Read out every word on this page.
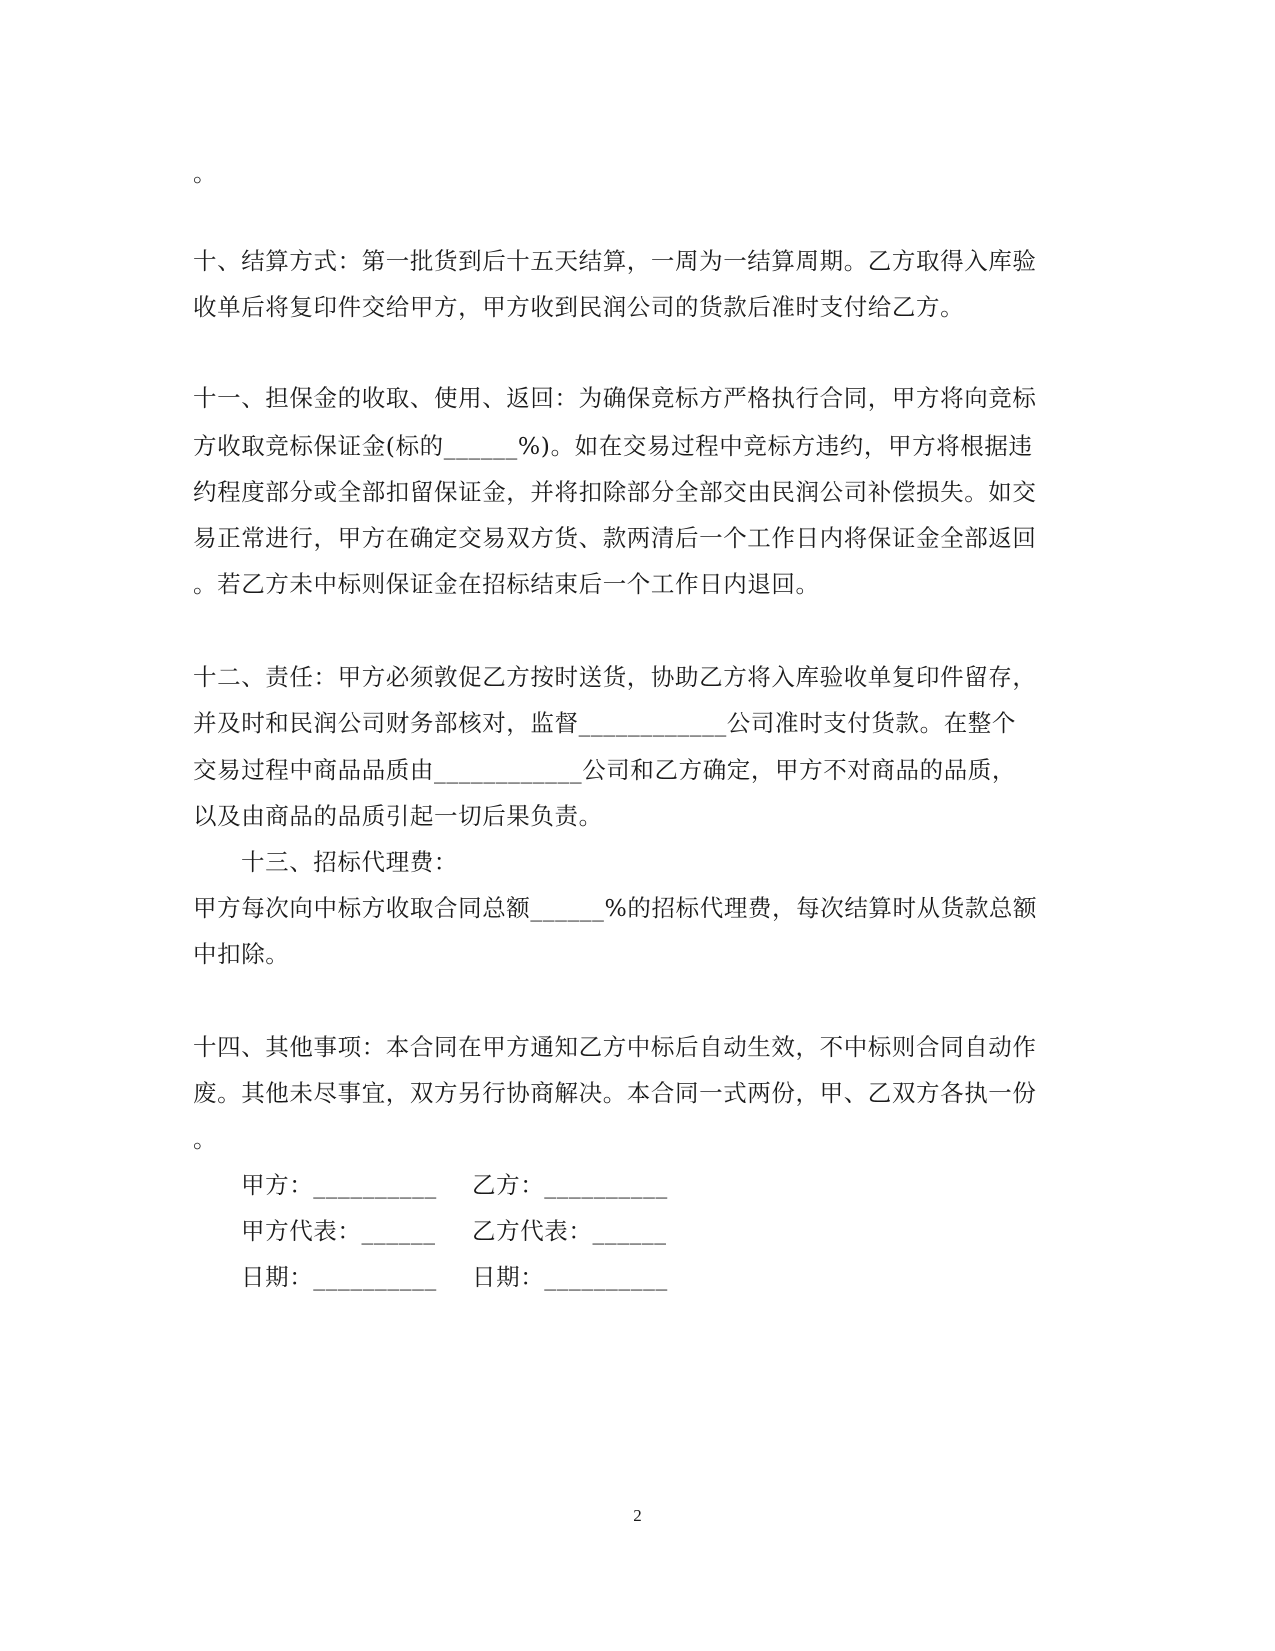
。
十、结算方式：第一批货到后十五天结算，一周为一结算周期。乙方取得入库验
收单后将复印件交给甲方，甲方收到民润公司的货款后准时支付给乙方。
十一、担保金的收取、使用、返回：为确保竞标方严格执行合同，甲方将向竞标
方收取竞标保证金(标的______%)。如在交易过程中竞标方违约，甲方将根据违
约程度部分或全部扣留保证金，并将扣除部分全部交由民润公司补偿损失。如交
易正常进行，甲方在确定交易双方货、款两清后一个工作日内将保证金全部返回
。若乙方未中标则保证金在招标结束后一个工作日内退回。
十二、责任：甲方必须敦促乙方按时送货，协助乙方将入库验收单复印件留存，
并及时和民润公司财务部核对，监督____________公司准时支付货款。在整个
交易过程中商品品质由____________公司和乙方确定，甲方不对商品的品质，
以及由商品的品质引起一切后果负责。
十三、招标代理费：
甲方每次向中标方收取合同总额______%的招标代理费，每次结算时从货款总额
中扣除。
十四、其他事项：本合同在甲方通知乙方中标后自动生效，不中标则合同自动作
废。其他未尽事宜，双方另行协商解决。本合同一式两份，甲、乙双方各执一份
。
甲方：__________ 乙方：__________
甲方代表：______ 乙方代表：______
日期：__________ 日期：__________
2
